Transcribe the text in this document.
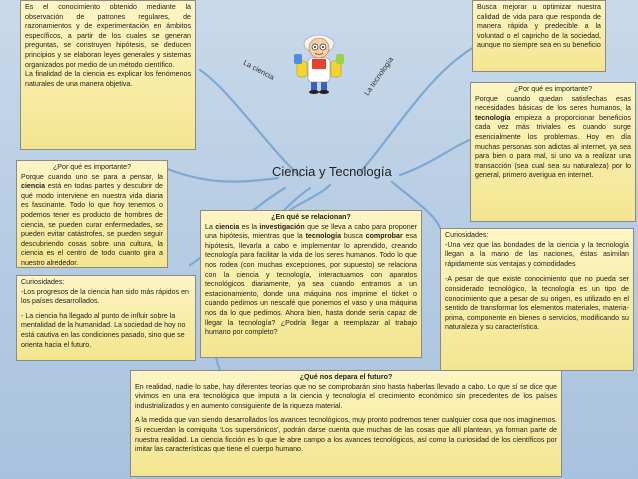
Ciencia y Tecnología
La ciencia	La tecnología

Es el conocimiento obtenido mediante la observación de patrones regulares, de razonamientos y de experimentación en ámbitos específicos, a partir de los cuales se generan preguntas, se construyen hipótesis, se deducen principios y se elaboran leyes generales y sistemas organizados por medio de un método científico.

La finalidad de la ciencia es explicar los fenómenos naturales de una manera objetiva.

Busca mejorar u optimizar nuestra calidad de vida para que responda de manera rápida y predecible a la voluntad o el capricho de la sociedad, aunque no siempre sea en su beneficio

¿Por qué es importante?

Porque cuando uno se para a pensar, la ciencia está en todas partes y descubrir de qué modo interviene en nuestra vida diaria es fascinante. Todo lo que hoy tenemos o podemos tener es producto de hombres de ciencia, se pueden curar enfermedades, se pueden evitar catástrofes, se pueden seguir descubriendo cosas sobre una cultura, la ciencia es el centro de todo cuanto gira a nuestro alrededor.

Curiosidades:

-Los progresos de la ciencia han sido más rápidos en los países desarrollados.

- La ciencia ha llegado al punto de influir sobre la mentalidad de la humanidad. La sociedad de hoy no está cautiva en las condiciones pasado, sino que se orienta hacia el futuro.

¿En qué se relacionan?

La ciencia es la investigación que se lleva a cabo para proponer una hipótesis, mientras que la tecnología busca comprobar esa hipótesis, llevarla a cabo e implementar lo aprendido, creando tecnología para facilitar la vida de los seres humanos. Todo lo que nos rodea (con muchas excepciones, por supuesto) se relaciona con la ciencia y tecnología, interactuamos con aparatos tecnológicos diariamente, ya sea cuando entramos a un estacionamiento, donde una máquina nos imprime el ticket o cuando pedimos un nescafé que ponemos el vaso y una máquina nos da lo que pedimos. Ahora bien, hasta donde seria capaz de llegar la tecnología? ¿Podría llegar a reemplazar al trabajo humano por completo?

¿Por qué es importante?

Porque cuando quedan satisfechas esas necesidades básicas de los seres humanos, la tecnología empieza a proporcionar beneficios cada vez más triviales es cuando surge esencialmente los problemas. Hoy en día muchas personas son adictas al internet, ya sea para bien o para mal, si uno va a realizar una transacción (sea cual sea su naturaleza) por lo general, primero averigua en internet.

Curiosidades:

-Una vez que las bondades de la ciencia y la tecnología llegan a la mano de las naciones, éstas asimilan rápidamente sus ventajas y comodidades

-A pesar de que existe conocimiento que no pueda ser considerado tecnológico, la tecnología es un tipo de conocimiento que a pesar de su origen, es utilizado en el sentido de transformar los elementos materiales, materia-prima, componente en bienes o servicios, modificando su naturaleza y su característica.

¿Qué nos depara el futuro?

En realidad, nadie lo sabe, hay diferentes teorías que no se comprobarán sino hasta haberlas llevado a cabo. Lo que sí se dice que vivimos en una era tecnológica que imputa a la ciencia y tecnología el crecimiento económico sin precedentes de los países industrializados y en aumento consiguiente de la riqueza material.

A la medida que van siendo desarrollados los avances tecnológicos, muy pronto podremos tener cualquier cosa que nos imaginemos. Si recuerdan la comiquita ‘Los supersónicos’, podrán darse cuenta que muchas de las cosas que allí plantean, ya forman parte de nuestra realidad. La ciencia ficción es lo que le abre campo a los avances tecnológicos, así como la curiosidad de los científicos por imitar las características que tiene el cuerpo humano.
